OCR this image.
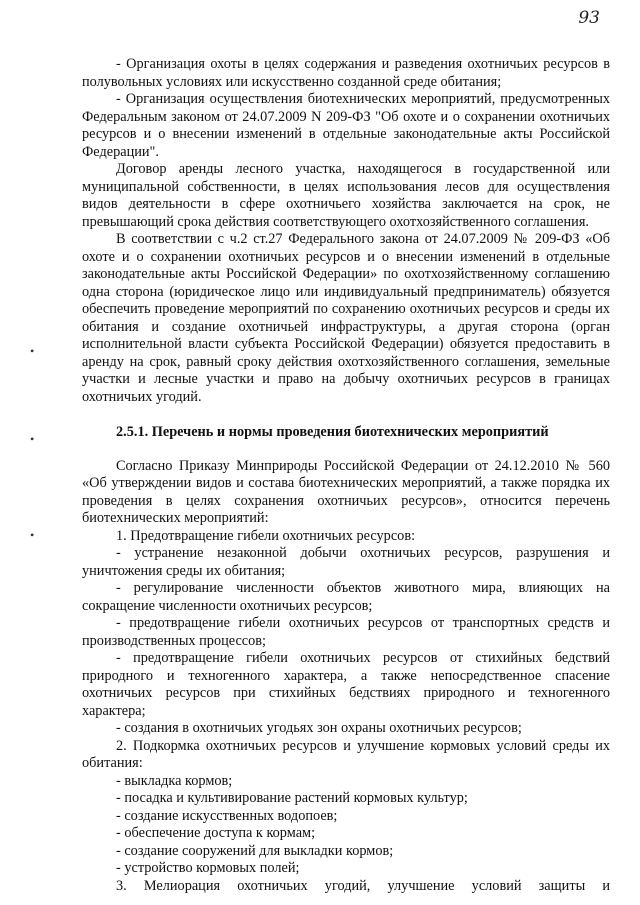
93
•
•
•

- Организация охоты в целях содержания и разведения охотничьих ресурсов в полувольных условиях или искусственно созданной среде обитания;

- Организация осуществления биотехнических мероприятий, предусмотренных Федеральным законом от 24.07.2009 N 209-ФЗ "Об охоте и о сохранении охотничьих ресурсов и о внесении изменений в отдельные законодательные акты Российской Федерации".

Договор аренды лесного участка, находящегося в государственной или муниципальной собственности, в целях использования лесов для осуществления видов деятельности в сфере охотничьего хозяйства заключается на срок, не превышающий срока действия соответствующего охотхозяйственного соглашения.

В соответствии с ч.2 ст.27 Федерального закона от 24.07.2009 № 209-ФЗ «Об охоте и о сохранении охотничьих ресурсов и о внесении изменений в отдельные законодательные акты Российской Федерации» по охотхозяйственному соглашению одна сторона (юридическое лицо или индивидуальный предприниматель) обязуется обеспечить проведение мероприятий по сохранению охотничьих ресурсов и среды их обитания и создание охотничьей инфраструктуры, а другая сторона (орган исполнительной власти субъекта Российской Федерации) обязуется предоставить в аренду на срок, равный сроку действия охотхозяйственного соглашения, земельные участки и лесные участки и право на добычу охотничьих ресурсов в границах охотничьих угодий.

2.5.1. Перечень и нормы проведения биотехнических мероприятий

Согласно Приказу Минприроды Российской Федерации от 24.12.2010 № 560 «Об утверждении видов и состава биотехнических мероприятий, а также порядка их проведения в целях сохранения охотничьих ресурсов», относится перечень биотехнических мероприятий:

1. Предотвращение гибели охотничьих ресурсов:

- устранение незаконной добычи охотничьих ресурсов, разрушения и уничтожения среды их обитания;

- регулирование численности объектов животного мира, влияющих на сокращение численности охотничьих ресурсов;

- предотвращение гибели охотничьих ресурсов от транспортных средств и производственных процессов;

- предотвращение гибели охотничьих ресурсов от стихийных бедствий природного и техногенного характера, а также непосредственное спасение охотничьих ресурсов при стихийных бедствиях природного и техногенного характера;

- создания в охотничьих угодьях зон охраны охотничьих ресурсов;

2. Подкормка охотничьих ресурсов и улучшение кормовых условий среды их обитания:

- выкладка кормов;

- посадка и культивирование растений кормовых культур;

- создание искусственных водопоев;

- обеспечение доступа к кормам;

- создание сооружений для выкладки кормов;

- устройство кормовых полей;

3. Мелиорация охотничьих угодий, улучшение условий защиты и
